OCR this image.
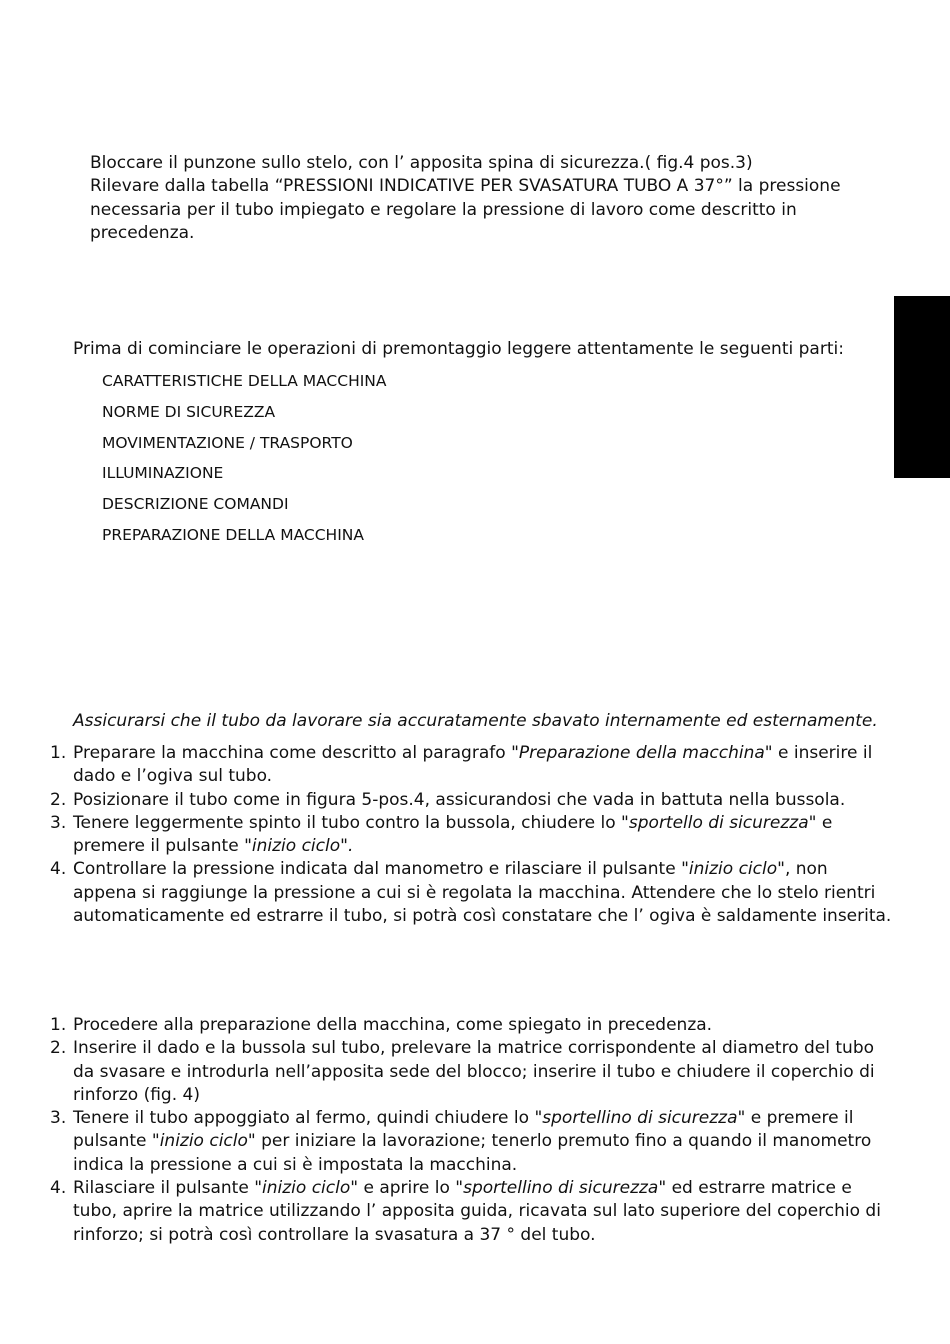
Bloccare il punzone sullo stelo, con l’ apposita spina di sicurezza.( fig.4 pos.3)
Rilevare dalla tabella “PRESSIONI INDICATIVE PER SVASATURA TUBO A 37°” la pressione
necessaria per il tubo impiegato e regolare la pressione di lavoro come descritto in
precedenza.
Prima di cominciare le operazioni di premontaggio leggere attentamente le seguenti parti:
CARATTERISTICHE DELLA MACCHINA
NORME DI SICUREZZA
MOVIMENTAZIONE / TRASPORTO
ILLUMINAZIONE
DESCRIZIONE COMANDI
PREPARAZIONE DELLA MACCHINA
Assicurarsi che il tubo da lavorare sia accuratamente sbavato internamente ed esternamente.
1. Preparare la macchina come descritto al paragrafo "Preparazione della macchina" e inserire il
dado e l’ogiva sul tubo.
2. Posizionare il tubo come in figura 5-pos.4, assicurandosi che vada in battuta nella bussola.
3. Tenere leggermente spinto il tubo contro la bussola, chiudere lo "sportello di sicurezza" e
premere il pulsante "inizio ciclo".
4. Controllare la pressione indicata dal manometro e rilasciare il pulsante "inizio ciclo", non
appena si raggiunge la pressione a cui si è regolata la macchina. Attendere che lo stelo rientri
automaticamente ed estrarre il tubo, si potrà così constatare che l’ ogiva è saldamente inserita.
1. Procedere alla preparazione della macchina, come spiegato in precedenza.
2. Inserire il dado e la bussola sul tubo, prelevare la matrice corrispondente al diametro del tubo
da svasare e introdurla nell’apposita sede del blocco; inserire il tubo e chiudere il coperchio di
rinforzo (fig. 4)
3. Tenere il tubo appoggiato al fermo, quindi chiudere lo "sportellino di sicurezza" e premere il
pulsante "inizio ciclo" per iniziare la lavorazione; tenerlo premuto fino a quando il manometro
indica la pressione a cui si è impostata la macchina.
4. Rilasciare il pulsante "inizio ciclo" e aprire lo "sportellino di sicurezza" ed estrarre matrice e
tubo, aprire la matrice utilizzando l’ apposita guida, ricavata sul lato superiore del coperchio di
rinforzo; si potrà così controllare la svasatura a 37 ° del tubo.
